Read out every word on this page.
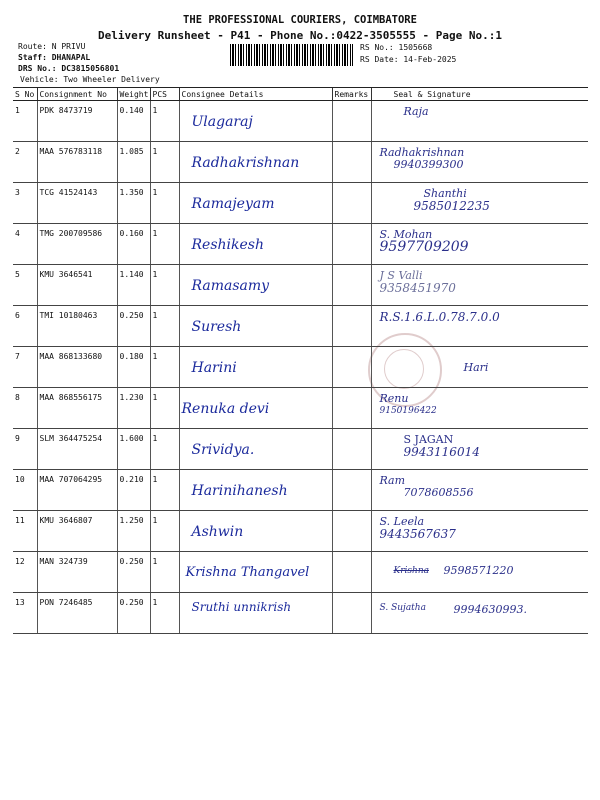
THE PROFESSIONAL COURIERS, COIMBATORE
Delivery Runsheet - P41 - Phone No.:0422-3505555 - Page No.:1
Route: N PRIVU
Staff: DHANAPAL
DRS No.: DC3815056801
Vehicle: Two Wheeler Delivery
RS No.: 1505668
RS Date: 14-Feb-2025
S No	Consignment No	Weight	PCS	Consignee Details	Remarks	Seal & Signature
1	PDK 8473719	0.140	1	Ulagaraj		Raja

2	MAA 576783118	1.085	1	Radhakrishnan		Radhakrishnan
9940399300

3	TCG 41524143	1.350	1	Ramajeyam		Shanthi
9585012235

4	TMG 200709586	0.160	1	Reshikesh		S. Mohan
9597709209

5	KMU 3646541	1.140	1	Ramasamy		J S Valli
9358451970

6	TMI 10180463	0.250	1	Suresh		R.S.1.6.L.0.78.7.0.0

7	MAA 868133680	0.180	1	Harini		Hari

8	MAA 868556175	1.230	1	Renuka devi		Renu
9150196422

9	SLM 364475254	1.600	1	Srividya.		S JAGAN
9943116014

10	MAA 707064295	0.210	1	Harinihanesh		Ram
7078608556

11	KMU 3646807	1.250	1	Ashwin		S. Leela
9443567637

12	MAN 324739	0.250	1	Krishna Thangavel		Krishna 9598571220

13	PON 7246485	0.250	1	Sruthi unnikrish		S. Sujatha 9994630993.
